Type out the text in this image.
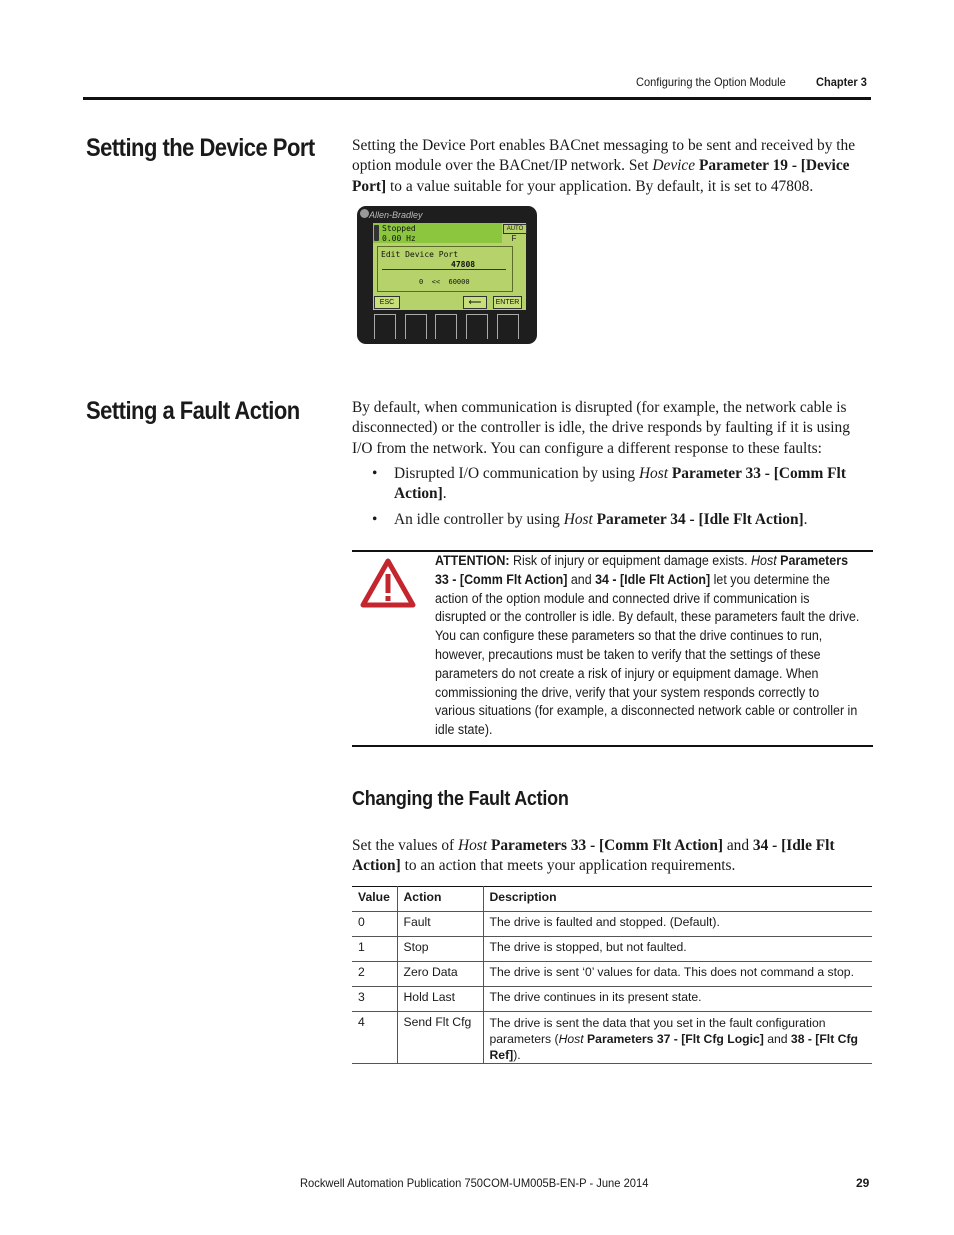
Configuring the Option Module	Chapter 3
Setting the Device Port Setting the Device Port enables BACnet messaging to be sent and received by the option module over the BACnet/IP network. Set Device Parameter 19 - [Device Port] to a value suitable for your application. By default, it is set to 47808.

Allen-Bradley
Stopped
0.00 Hz
AUTO
F
Edit Device Port
47808
0  <<  60000
ESC	⟵	ENTER
Setting a Fault Action	By default, when communication is disrupted (for example, the network cable is disconnected) or the controller is idle, the drive responds by faulting if it is using I/O from the network. You can configure a different response to these faults:

• Disrupted I/O communication by using Host Parameter 33 - [Comm Flt Action].
• An idle controller by using Host Parameter 34 - [Idle Flt Action].
ATTENTION: Risk of injury or equipment damage exists. Host Parameters 33 - [Comm Flt Action] and 34 - [Idle Flt Action] let you determine the action of the option module and connected drive if communication is disrupted or the controller is idle. By default, these parameters fault the drive. You can configure these parameters so that the drive continues to run, however, precautions must be taken to verify that the settings of these parameters do not create a risk of injury or equipment damage. When commissioning the drive, verify that your system responds correctly to various situations (for example, a disconnected network cable or controller in idle state).
Changing the Fault Action

Set the values of Host Parameters 33 - [Comm Flt Action] and 34 - [Idle Flt Action] to an action that meets your application requirements.

Value	Action	Description
0	Fault	The drive is faulted and stopped. (Default).
1	Stop	The drive is stopped, but not faulted.
2	Zero Data	The drive is sent ‘0’ values for data. This does not command a stop.
3	Hold Last	The drive continues in its present state.
4	Send Flt Cfg	The drive is sent the data that you set in the fault configuration parameters (Host Parameters 37 - [Flt Cfg Logic] and 38 - [Flt Cfg Ref]).
Rockwell Automation Publication 750COM-UM005B-EN-P - June 2014	29
